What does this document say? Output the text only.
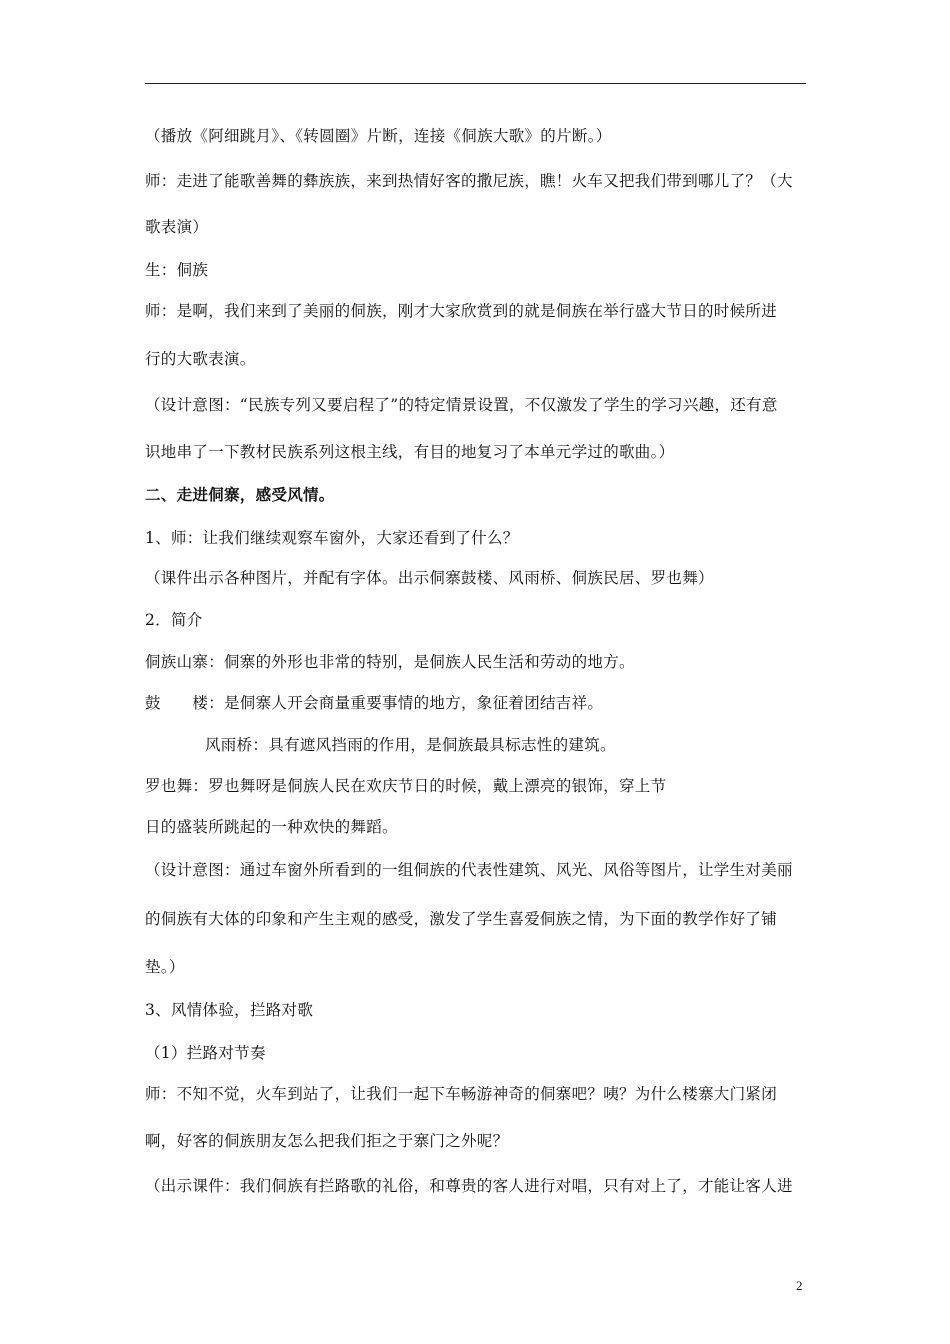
（播放《阿细跳月》、《转圆圈》片断，连接《侗族大歌》的片断。）
师：走进了能歌善舞的彝族族，来到热情好客的撒尼族，瞧！火车又把我们带到哪儿了？（大
歌表演）
生：侗族
师：是啊，我们来到了美丽的侗族，刚才大家欣赏到的就是侗族在举行盛大节日的时候所进
行的大歌表演。
（设计意图：“民族专列又要启程了”的特定情景设置，不仅激发了学生的学习兴趣，还有意
识地串了一下教材民族系列这根主线，有目的地复习了本单元学过的歌曲。）
二、走进侗寨，感受风情。
1、师：让我们继续观察车窗外，大家还看到了什么？
（课件出示各种图片，并配有字体。出示侗寨鼓楼、风雨桥、侗族民居、罗也舞）
2．简介
侗族山寨：侗寨的外形也非常的特别，是侗族人民生活和劳动的地方。
鼓　　楼：是侗寨人开会商量重要事情的地方，象征着团结吉祥。
风雨桥：具有遮风挡雨的作用，是侗族最具标志性的建筑。
罗也舞：罗也舞呀是侗族人民在欢庆节日的时候，戴上漂亮的银饰，穿上节
日的盛装所跳起的一种欢快的舞蹈。
（设计意图：通过车窗外所看到的一组侗族的代表性建筑、风光、风俗等图片，让学生对美丽
的侗族有大体的印象和产生主观的感受，激发了学生喜爱侗族之情，为下面的教学作好了铺
垫。）
3、风情体验，拦路对歌
（1）拦路对节奏
师：不知不觉，火车到站了，让我们一起下车畅游神奇的侗寨吧？咦？为什么楼寨大门紧闭
啊，好客的侗族朋友怎么把我们拒之于寨门之外呢？
（出示课件：我们侗族有拦路歌的礼俗，和尊贵的客人进行对唱，只有对上了，才能让客人进
2
